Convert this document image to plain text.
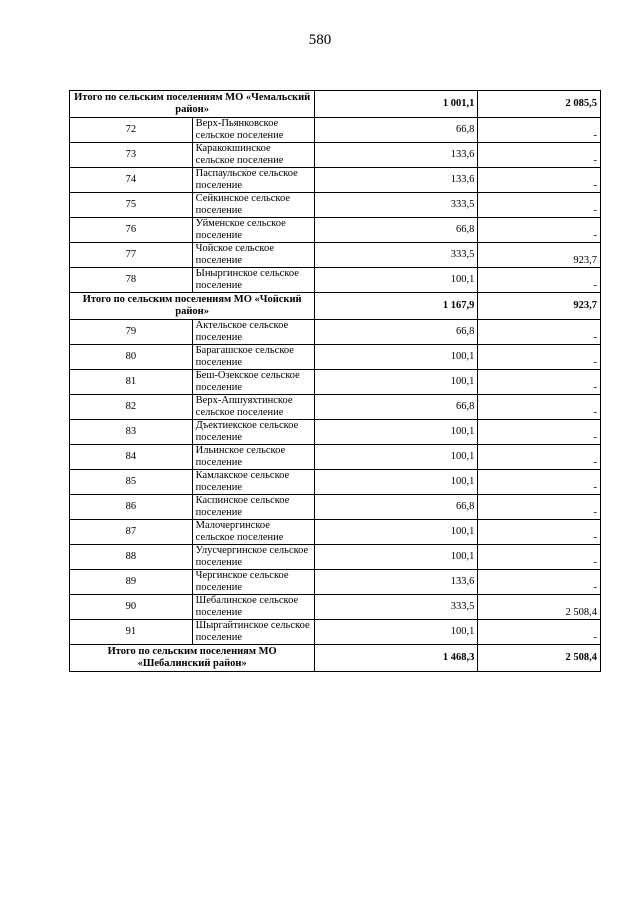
580
Итого по сельским поселениям МО «Чемальский район»		1 001,1	2 085,5
72	Верх-Пьянковское сельское поселение	66,8	-
73	Каракокшинское сельское поселение	133,6	-
74	Паспаульское сельское поселение	133,6	-
75	Сейкинское сельское поселение	333,5	-
76	Уйменское сельское поселение	66,8	-
77	Чойское сельское поселение	333,5	923,7
78	Ыныргинское сельское поселение	100,1	-
Итого по сельским поселениям МО «Чойский район»		1 167,9	923,7
79	Актельское сельское поселение	66,8	-
80	Барагашское сельское поселение	100,1	-
81	Беш-Озекское сельское поселение	100,1	-
82	Верх-Апшуяхтинское сельское поселение	66,8	-
83	Дъектиекское сельское поселение	100,1	-
84	Ильинское сельское поселение	100,1	-
85	Камлакское сельское поселение	100,1	-
86	Каспинское сельское поселение	66,8	-
87	Малочергинское сельское поселение	100,1	-
88	Улусчергинское сельское поселение	100,1	-
89	Чергинское сельское поселение	133,6	-
90	Шебалинское сельское поселение	333,5	2 508,4
91	Шыргайтинское сельское поселение	100,1	-
Итого по сельским поселениям МО «Шебалинский район»		1 468,3	2 508,4
